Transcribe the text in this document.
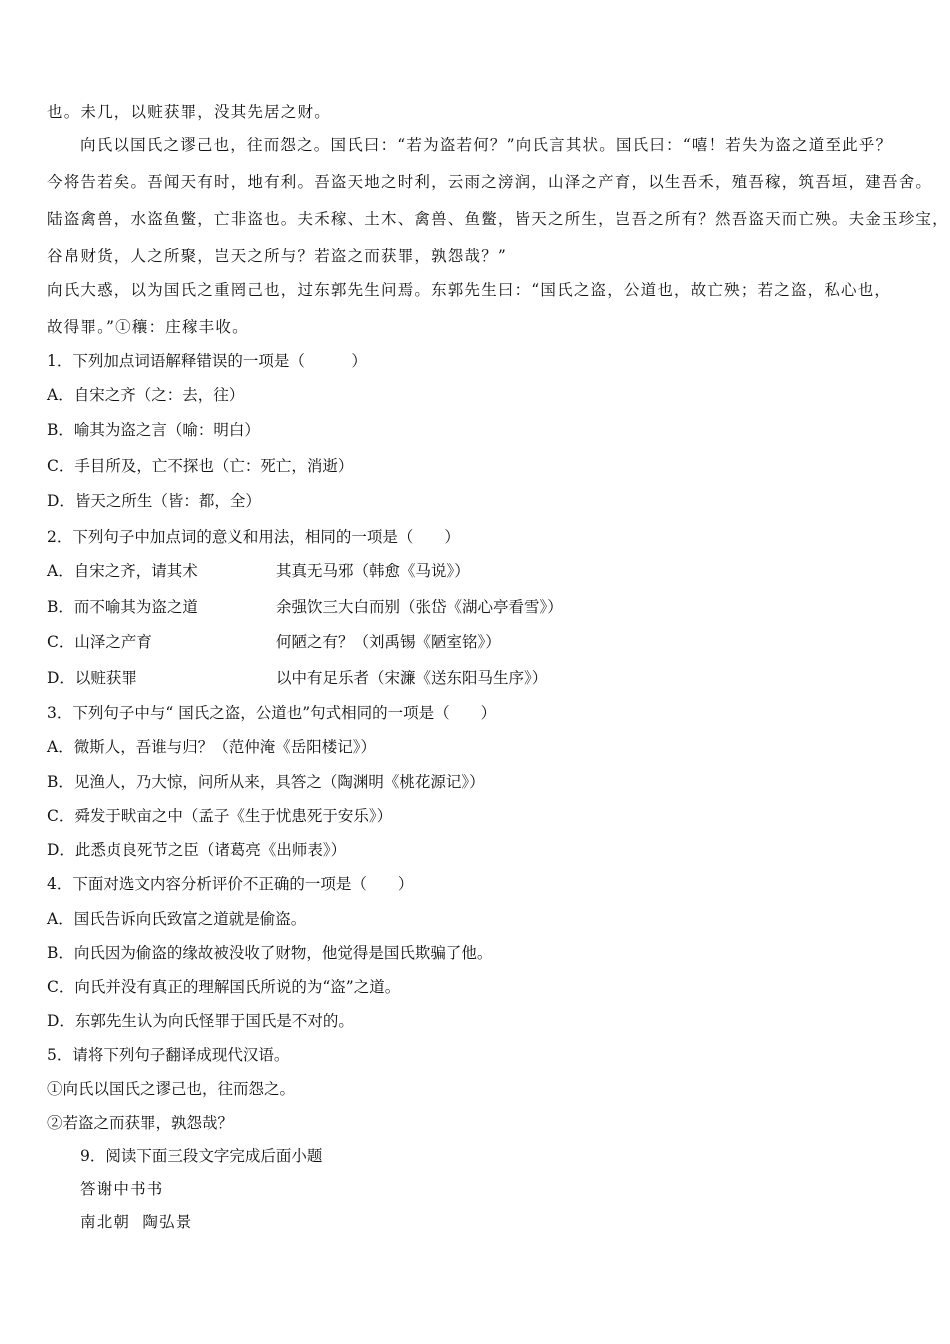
也。未几，以赃获罪，没其先居之财。
向氏以国氏之谬己也，往而怨之。国氏曰：“若为盗若何？”向氏言其状。国氏曰：“嘻！若失为盗之道至此乎？
今将告若矣。吾闻天有时，地有利。吾盗天地之时利，云雨之滂润，山泽之产育，以生吾禾，殖吾稼，筑吾垣，建吾舍。
陆盗禽兽，水盗鱼鳖，亡非盗也。夫禾稼、土木、禽兽、鱼鳖，皆天之所生，岂吾之所有？然吾盗天而亡殃。夫金玉珍宝，
谷帛财货，人之所聚，岂天之所与？若盗之而获罪，孰怨哉？”
向氏大惑，以为国氏之重罔己也，过东郭先生问焉。东郭先生曰：“国氏之盗，公道也，故亡殃；若之盗，私心也，
故得罪。”①穰：庄稼丰收。
1．下列加点词语解释错误的一项是（　　　）
A．自宋之齐（之：去，往）
B．喻其为盗之言（喻：明白）
C．手目所及，亡不探也（亡：死亡，消逝）
D．皆天之所生（皆：都，全）
2．下列句子中加点词的意义和用法，相同的一项是（　　）
A．自宋之齐，请其术	其真无马邪（韩愈《马说》）
B．而不喻其为盗之道	余强饮三大白而别（张岱《湖心亭看雪》）
C．山泽之产育	何陋之有？（刘禹锡《陋室铭》）
D．以赃获罪	以中有足乐者（宋濂《送东阳马生序》）
3．下列句子中与“ 国氏之盗，公道也”句式相同的一项是（　　）
A．微斯人，吾谁与归？（范仲淹《岳阳楼记》）
B．见渔人，乃大惊，问所从来，具答之（陶渊明《桃花源记》）
C．舜发于畎亩之中（孟子《生于忧患死于安乐》）
D．此悉贞良死节之臣（诸葛亮《出师表》）
4．下面对选文内容分析评价不正确的一项是（　　）
A．国氏告诉向氏致富之道就是偷盗。
B．向氏因为偷盗的缘故被没收了财物，他觉得是国氏欺骗了他。
C．向氏并没有真正的理解国氏所说的为“盗”之道。
D．东郭先生认为向氏怪罪于国氏是不对的。
5．请将下列句子翻译成现代汉语。
①向氏以国氏之谬己也，往而怨之。
②若盗之而获罪，孰怨哉？
9．阅读下面三段文字完成后面小题
答谢中书书
南北朝  陶弘景
